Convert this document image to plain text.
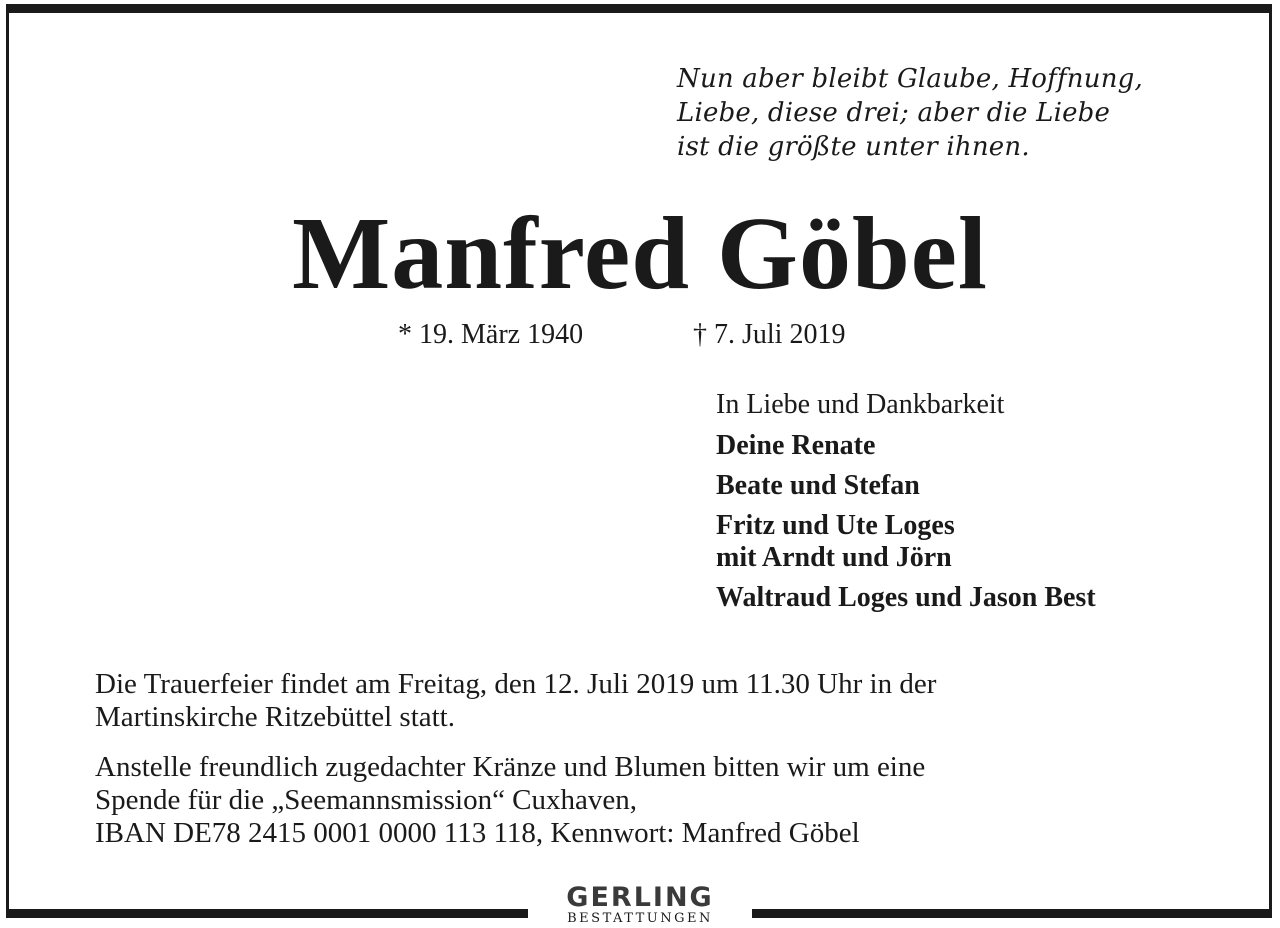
Nun aber bleibt Glaube, Hoffnung,
Liebe, diese drei; aber die Liebe
ist die größte unter ihnen.
Manfred Göbel
* 19. März 1940	† 7. Juli 2019
In Liebe und Dankbarkeit
Deine Renate
Beate und Stefan
Fritz und Ute Loges
mit Arndt und Jörn
Waltraud Loges und Jason Best
Die Trauerfeier findet am Freitag, den 12. Juli 2019 um 11.30 Uhr in der
Martinskirche Ritzebüttel statt.
Anstelle freundlich zugedachter Kränze und Blumen bitten wir um eine
Spende für die „Seemannsmission“ Cuxhaven,
IBAN DE78 2415 0001 0000 113 118, Kennwort: Manfred Göbel
GERLING
BESTATTUNGEN
